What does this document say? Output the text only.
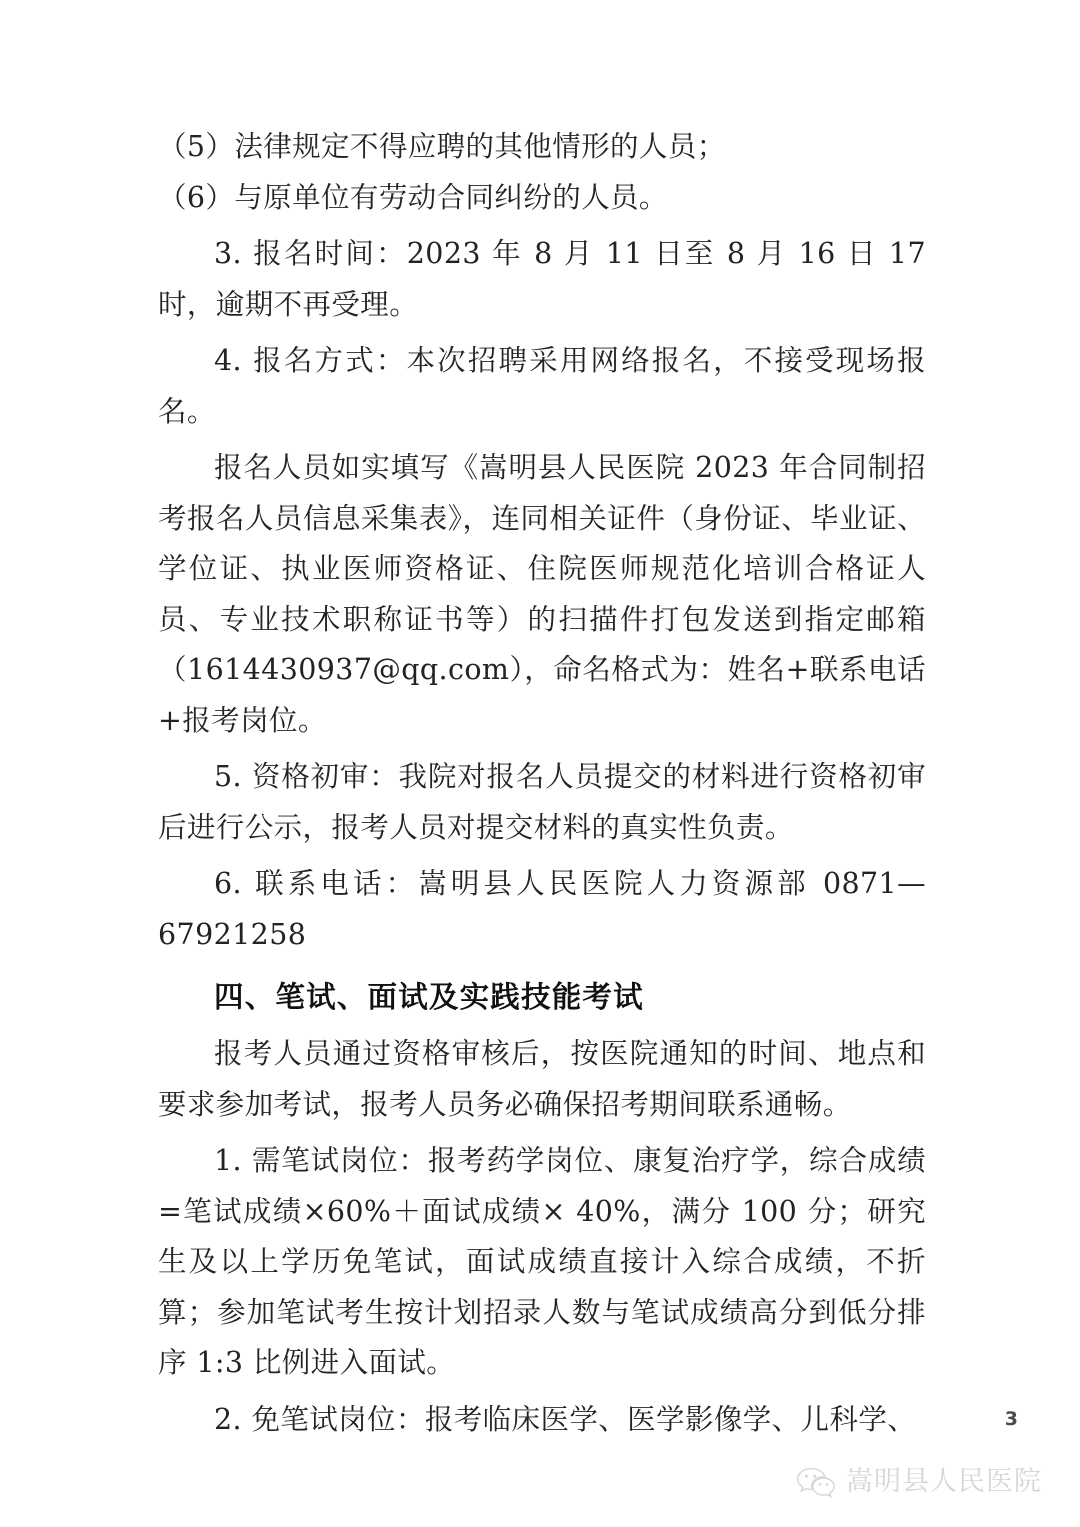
（5）法律规定不得应聘的其他情形的人员；

（6）与原单位有劳动合同纠纷的人员。

3. 报名时间：2023 年 8 月 11 日至 8 月 16 日 17 时，逾期不再受理。

4. 报名方式：本次招聘采用网络报名，不接受现场报名。

报名人员如实填写《嵩明县人民医院 2023 年合同制招考报名人员信息采集表》，连同相关证件（身份证、毕业证、学位证、执业医师资格证、住院医师规范化培训合格证人员、专业技术职称证书等）的扫描件打包发送到指定邮箱（1614430937@qq.com），命名格式为：姓名+联系电话+报考岗位。

5. 资格初审：我院对报名人员提交的材料进行资格初审后进行公示，报考人员对提交材料的真实性负责。

6. 联系电话：嵩明县人民医院人力资源部 0871—67921258

四、笔试、面试及实践技能考试

报考人员通过资格审核后，按医院通知的时间、地点和要求参加考试，报考人员务必确保招考期间联系通畅。

1. 需笔试岗位：报考药学岗位、康复治疗学，综合成绩=笔试成绩×60%＋面试成绩× 40%，满分 100 分；研究生及以上学历免笔试，面试成绩直接计入综合成绩，不折算；参加笔试考生按计划招录人数与笔试成绩高分到低分排序 1:3 比例进入面试。

2. 免笔试岗位：报考临床医学、医学影像学、儿科学、	3
嵩明县人民医院
